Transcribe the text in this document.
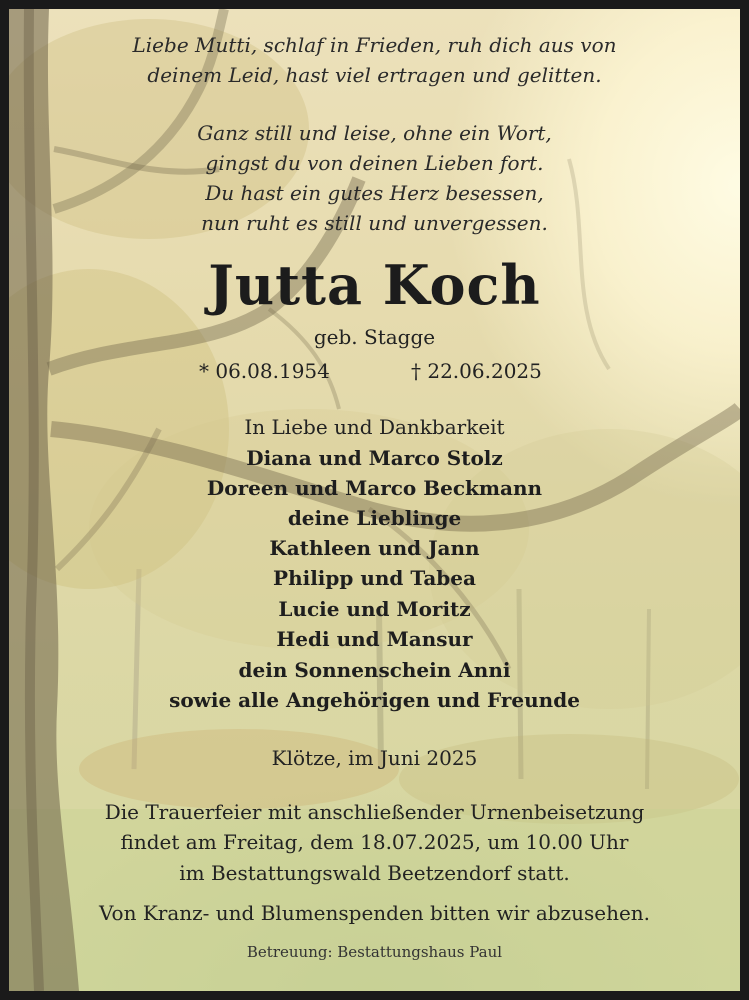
Liebe Mutti, schlaf in Frieden, ruh dich aus von
deinem Leid, hast viel ertragen und gelitten.
Ganz still und leise, ohne ein Wort,
gingst du von deinen Lieben fort.
Du hast ein gutes Herz besessen,
nun ruht es still und unvergessen.
Jutta Koch
geb. Stagge
* 06.08.1954	† 22.06.2025
In Liebe und Dankbarkeit
Diana und Marco Stolz
Doreen und Marco Beckmann
deine Lieblinge
Kathleen und Jann
Philipp und Tabea
Lucie und Moritz
Hedi und Mansur
dein Sonnenschein Anni
sowie alle Angehörigen und Freunde
Klötze, im Juni 2025
Die Trauerfeier mit anschließender Urnenbeisetzung
findet am Freitag, dem 18.07.2025, um 10.00 Uhr
im Bestattungswald Beetzendorf statt.
Von Kranz- und Blumenspenden bitten wir abzusehen.
Betreuung: Bestattungshaus Paul
